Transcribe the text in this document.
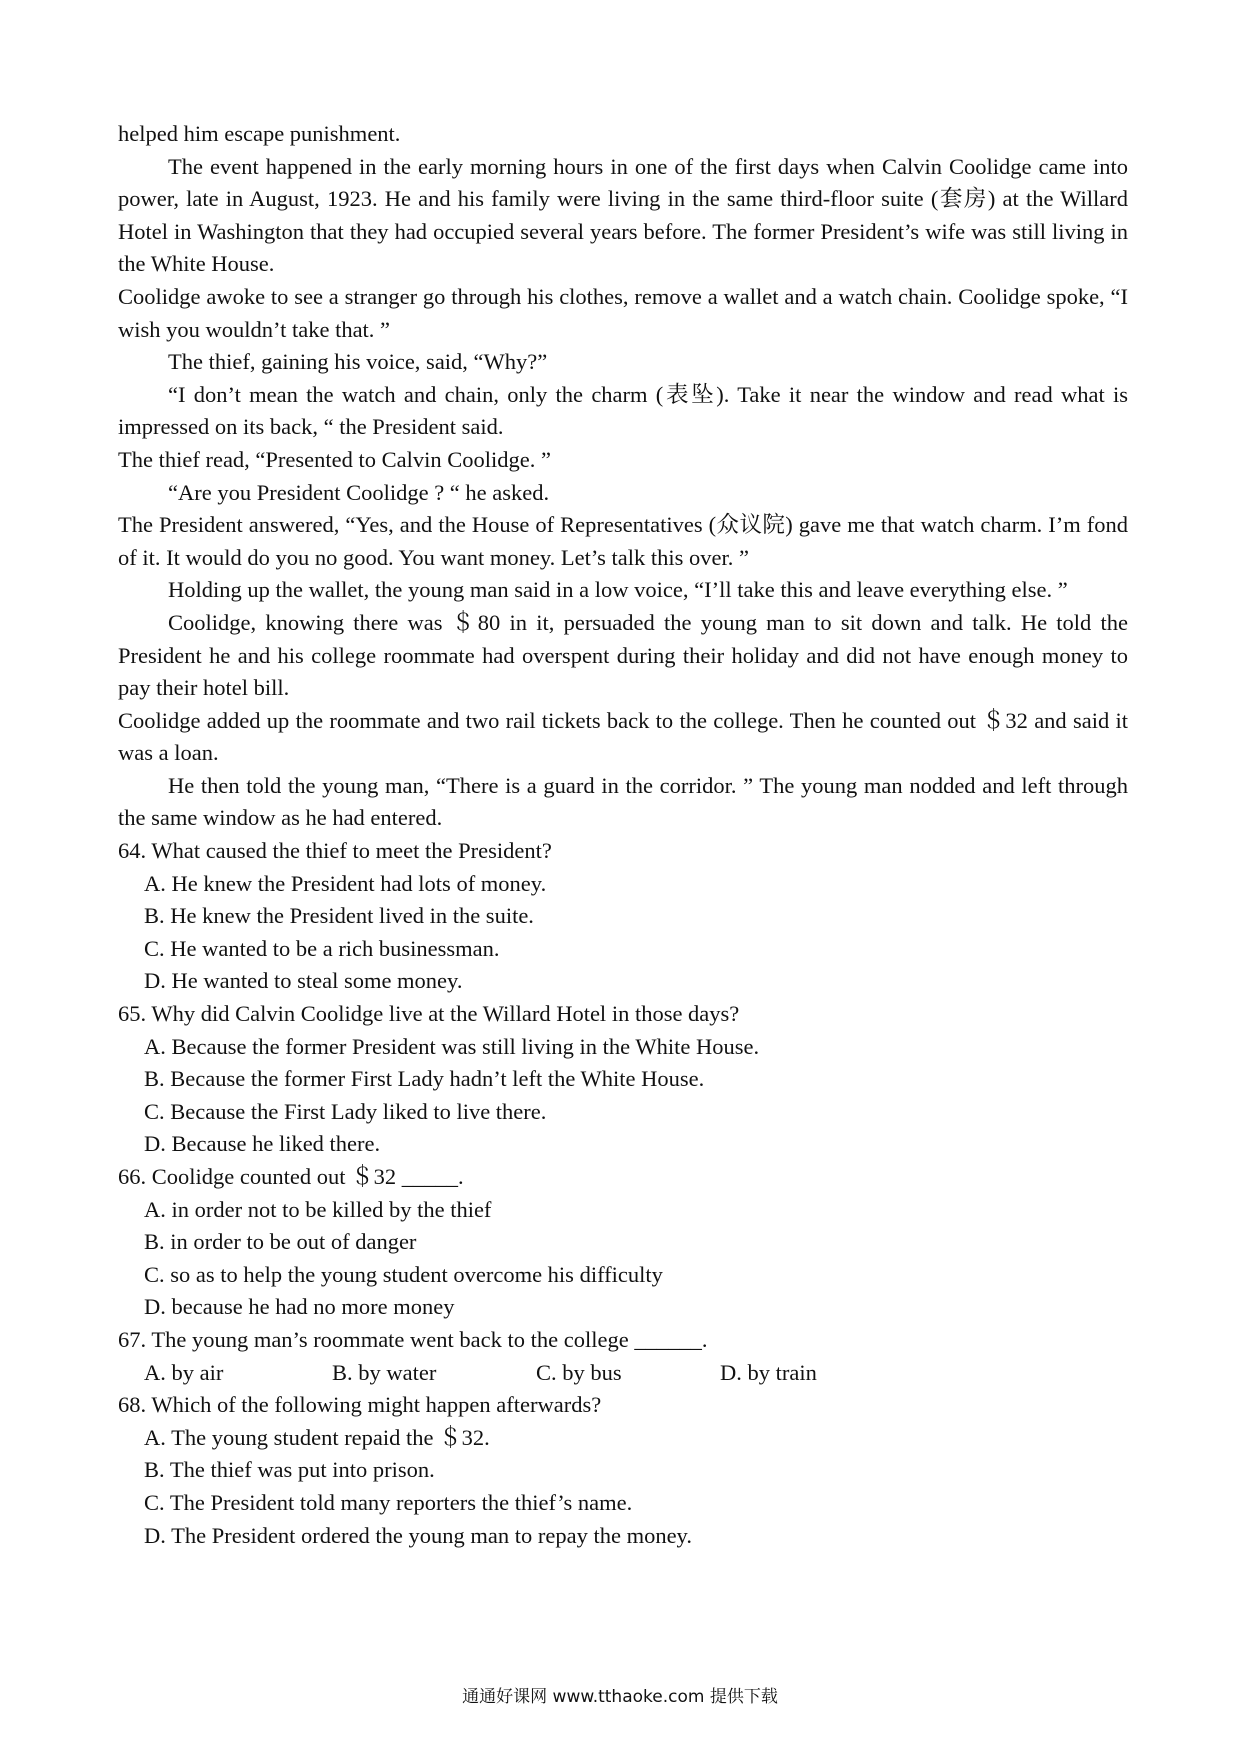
helped him escape punishment.
The event happened in the early morning hours in one of the first days when Calvin Coolidge came into power, late in August, 1923. He and his family were living in the same third-floor suite (套房) at the Willard Hotel in Washington that they had occupied several years before. The former President’s wife was still living in the White House.
Coolidge awoke to see a stranger go through his clothes, remove a wallet and a watch chain. Coolidge spoke, “I wish you wouldn’t take that. ”
The thief, gaining his voice, said, “Why?”
“I don’t mean the watch and chain, only the charm (表坠). Take it near the window and read what is impressed on its back, “ the President said.
The thief read, “Presented to Calvin Coolidge. ”
“Are you President Coolidge ? “ he asked.
The President answered, “Yes, and the House of Representatives (众议院) gave me that watch charm. I’m fond of it. It would do you no good. You want money. Let’s talk this over. ”
Holding up the wallet, the young man said in a low voice, “I’ll take this and leave everything else. ”
Coolidge, knowing there was ＄80 in it, persuaded the young man to sit down and talk. He told the President he and his college roommate had overspent during their holiday and did not have enough money to pay their hotel bill.
Coolidge added up the roommate and two rail tickets back to the college. Then he counted out ＄32 and said it was a loan.
He then told the young man, “There is a guard in the corridor. ” The young man nodded and left through the same window as he had entered.
64. What caused the thief to meet the President?
A. He knew the President had lots of money.
B. He knew the President lived in the suite.
C. He wanted to be a rich businessman.
D. He wanted to steal some money.
65. Why did Calvin Coolidge live at the Willard Hotel in those days?
A. Because the former President was still living in the White House.
B. Because the former First Lady hadn’t left the White House.
C. Because the First Lady liked to live there.
D. Because he liked there.
66. Coolidge counted out ＄32 _____.
A. in order not to be killed by the thief
B. in order to be out of danger
C. so as to help the young student overcome his difficulty
D. because he had no more money
67. The young man’s roommate went back to the college ______.
A. by air	B. by water	C. by bus	D. by train
68. Which of the following might happen afterwards?
A. The young student repaid the ＄32.
B. The thief was put into prison.
C. The President told many reporters the thief’s name.
D. The President ordered the young man to repay the money.
通通好课网 www.tthaoke.com 提供下载
